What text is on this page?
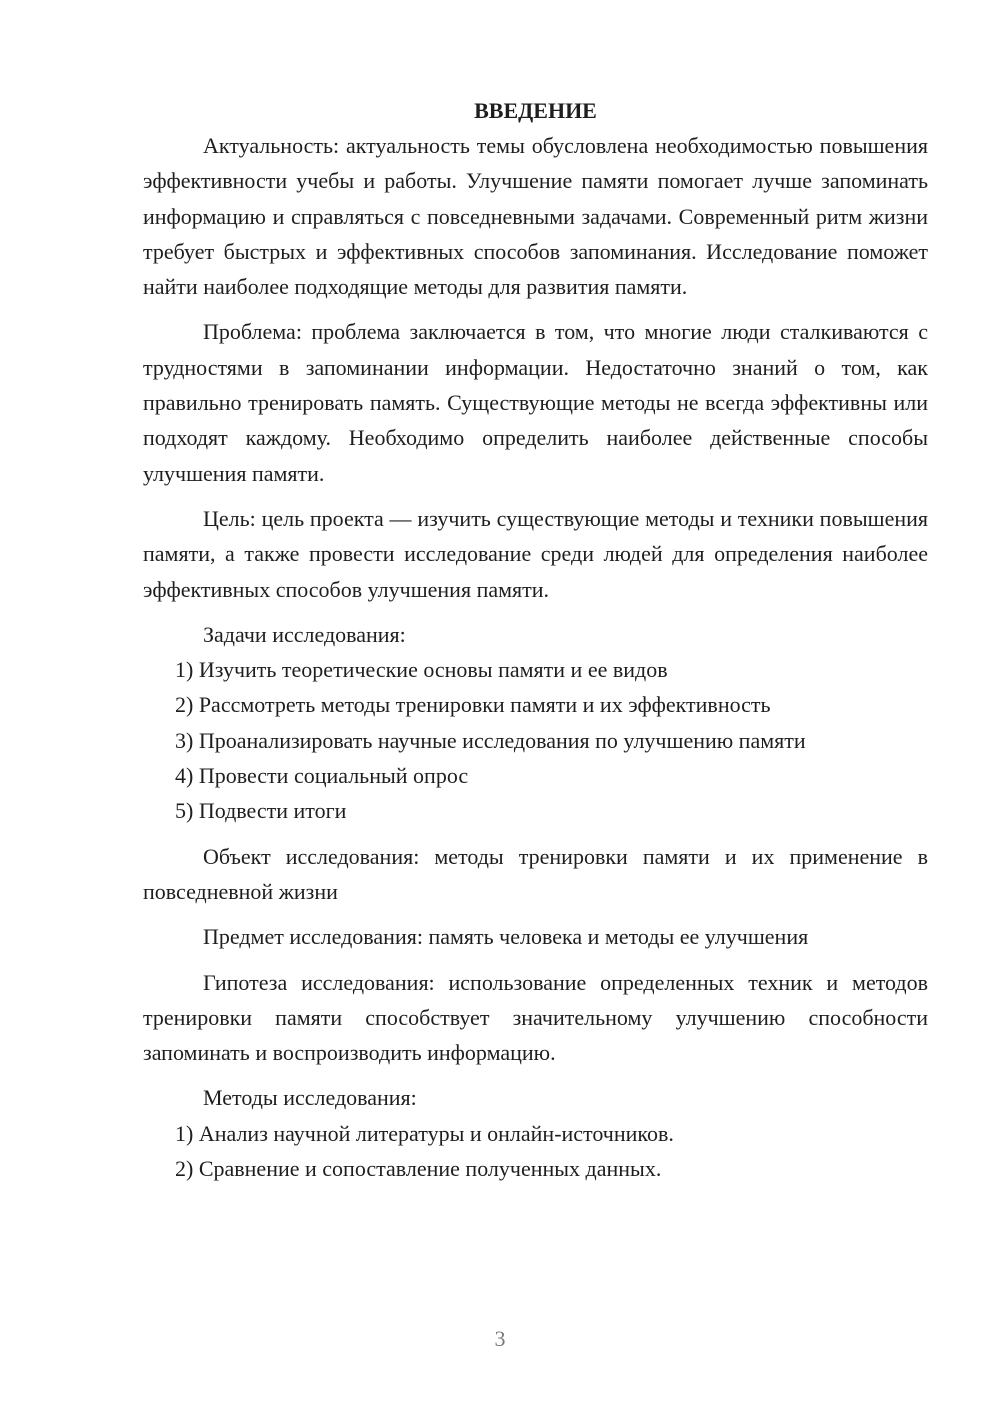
ВВЕДЕНИЕ

Актуальность: актуальность темы обусловлена необходимостью повышения эффективности учебы и работы. Улучшение памяти помогает лучше запоминать информацию и справляться с повседневными задачами. Современный ритм жизни требует быстрых и эффективных способов запоминания. Исследование поможет найти наиболее подходящие методы для развития памяти.

Проблема: проблема заключается в том, что многие люди сталкиваются с трудностями в запоминании информации. Недостаточно знаний о том, как правильно тренировать память. Существующие методы не всегда эффективны или подходят каждому. Необходимо определить наиболее действенные способы улучшения памяти.

Цель: цель проекта — изучить существующие методы и техники повышения памяти, а также провести исследование среди людей для определения наиболее эффективных способов улучшения памяти.

Задачи исследования:

1) Изучить теоретические основы памяти и ее видов

2) Рассмотреть методы тренировки памяти и их эффективность

3) Проанализировать научные исследования по улучшению памяти

4) Провести социальный опрос

5) Подвести итоги

Объект исследования: методы тренировки памяти и их применение в повседневной жизни

Предмет исследования: память человека и методы ее улучшения

Гипотеза исследования: использование определенных техник и методов тренировки памяти способствует значительному улучшению способности запоминать и воспроизводить информацию.

Методы исследования:

1) Анализ научной литературы и онлайн-источников.

2) Сравнение и сопоставление полученных данных.

3
